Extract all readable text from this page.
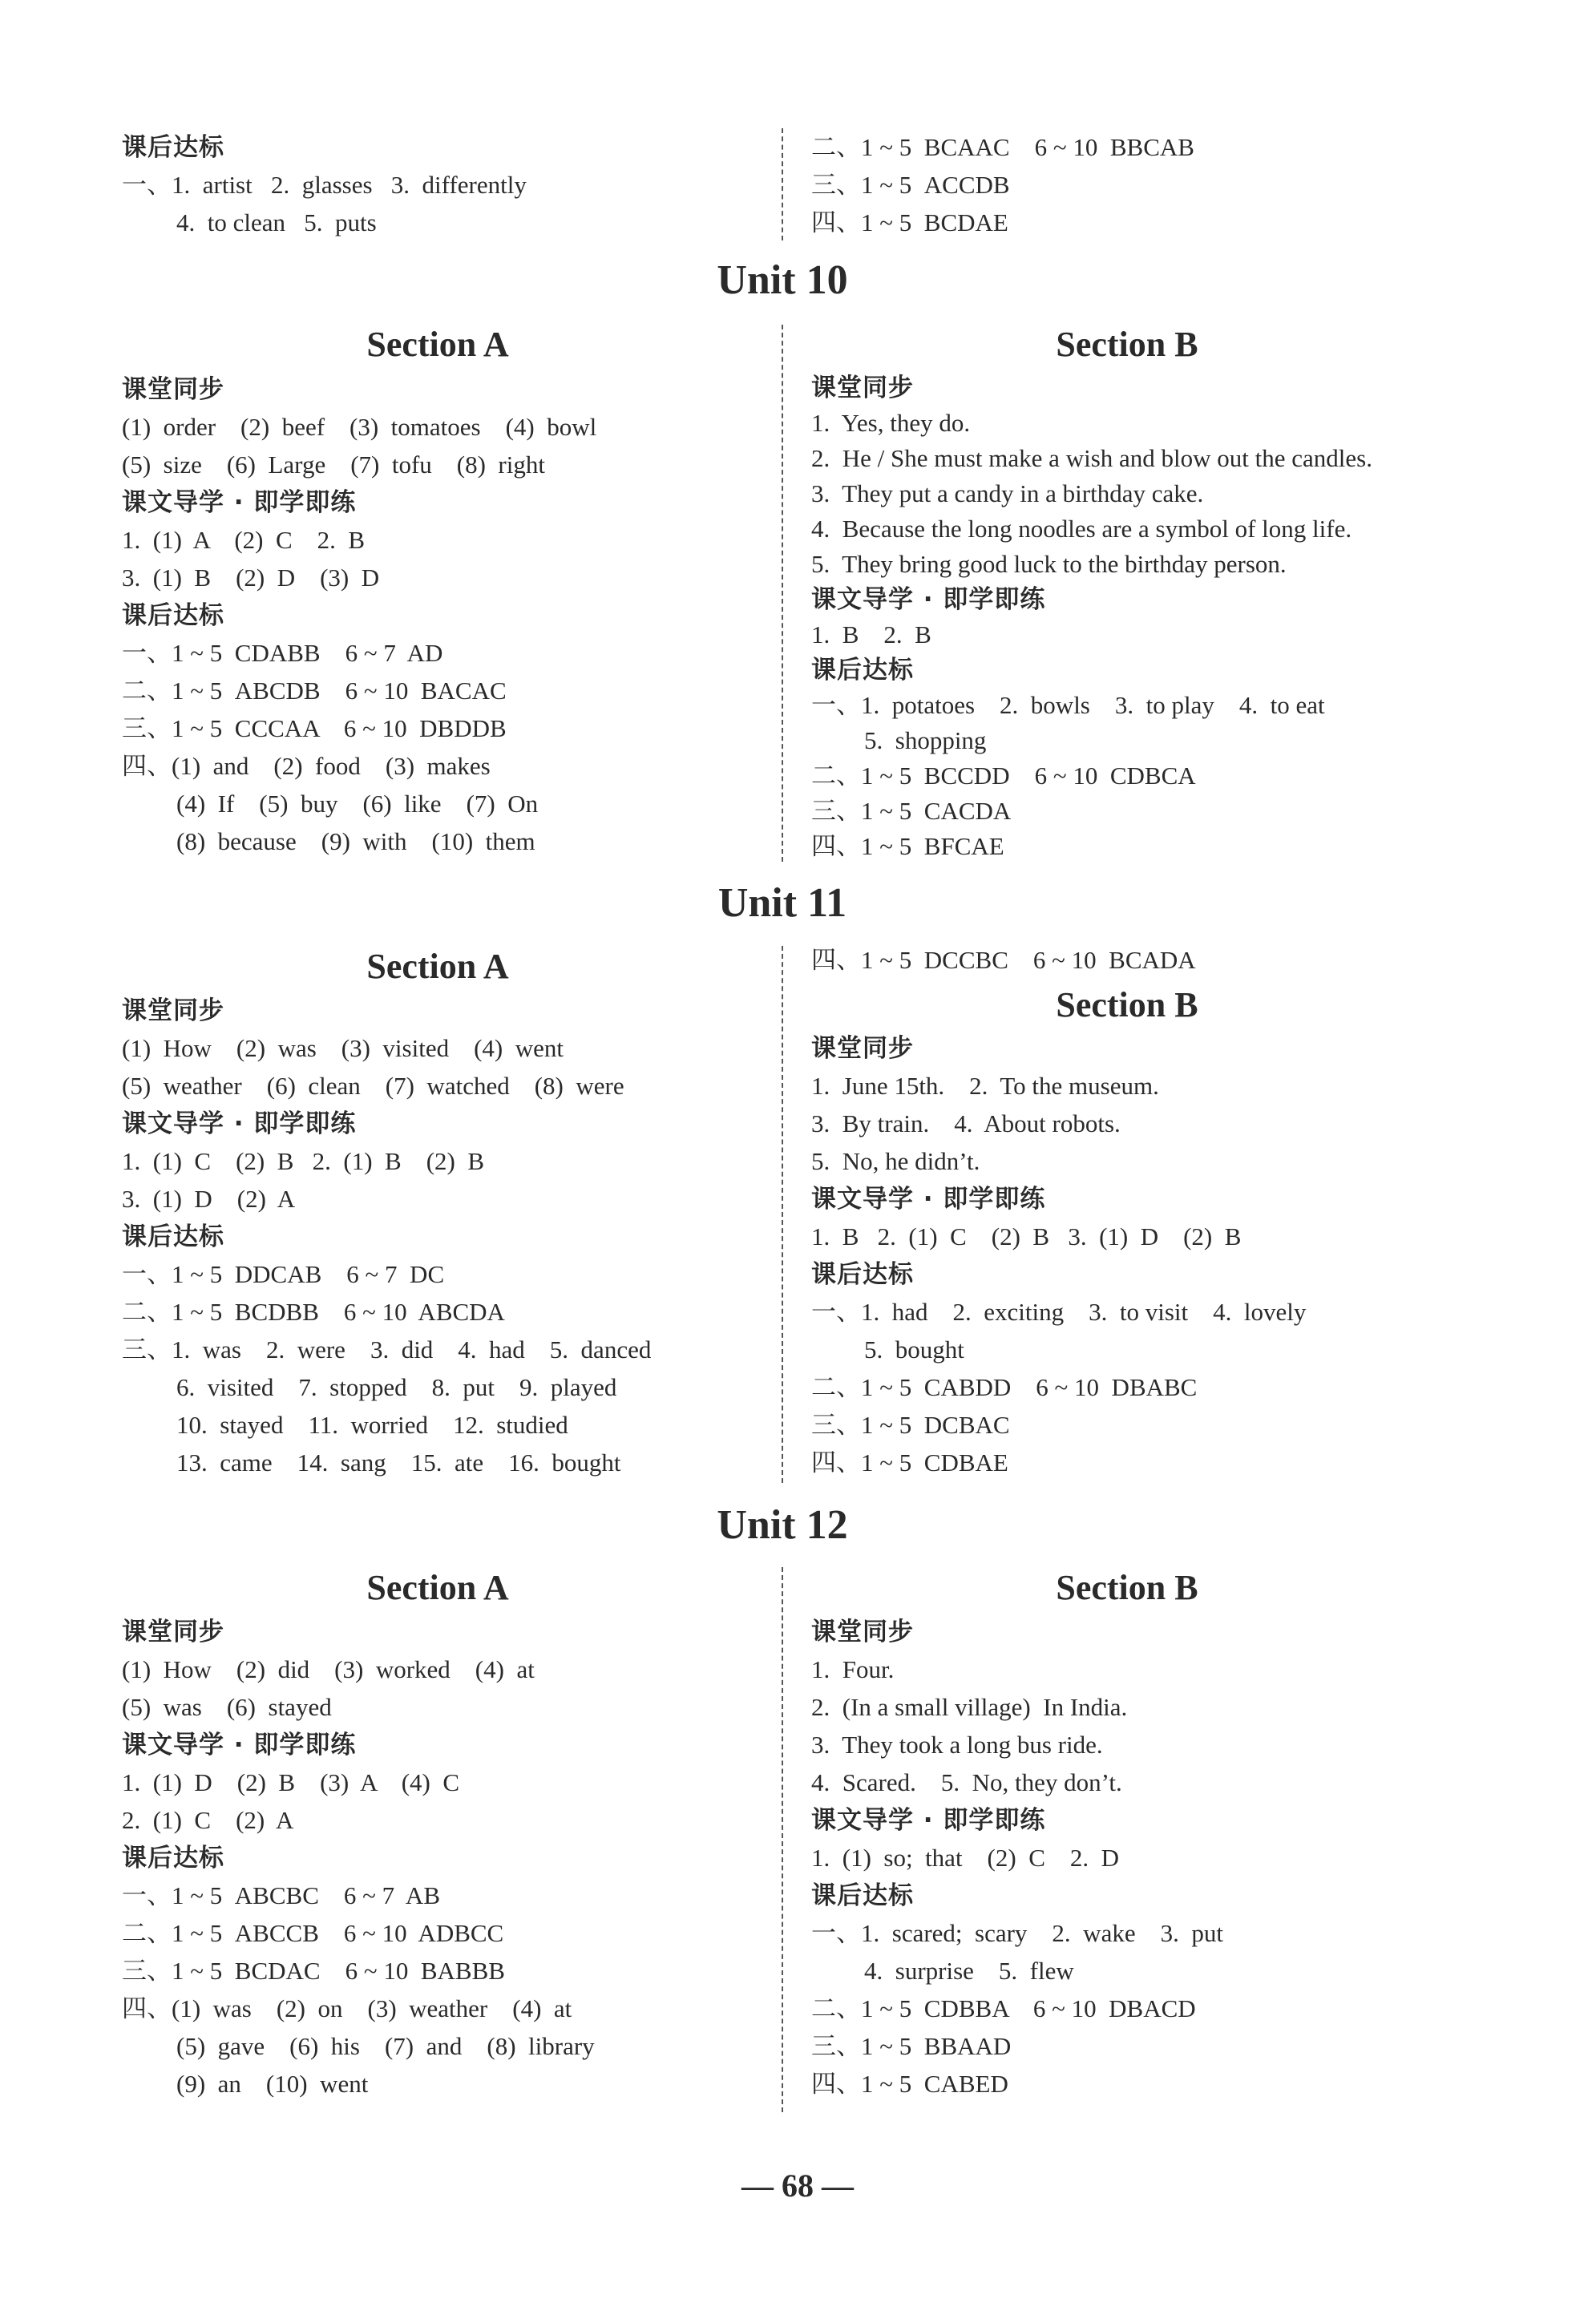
课后达标
一、1.  artist   2.  glasses   3.  differently
4.  to clean   5.  puts
二、1 ~ 5  BCAAC    6 ~ 10  BBCAB
三、1 ~ 5  ACCDB
四、1 ~ 5  BCDAE
Unit 10
Section A
课堂同步
(1)  order    (2)  beef    (3)  tomatoes    (4)  bowl
(5)  size    (6)  Large    (7)  tofu    (8)  right
课文导学 · 即学即练
1.  (1)  A    (2)  C    2.  B
3.  (1)  B    (2)  D    (3)  D
课后达标
一、1 ~ 5  CDABB    6 ~ 7  AD
二、1 ~ 5  ABCDB    6 ~ 10  BACAC
三、1 ~ 5  CCCAA    6 ~ 10  DBDDB
四、(1)  and    (2)  food    (3)  makes
(4)  If    (5)  buy    (6)  like    (7)  On
(8)  because    (9)  with    (10)  them
Section B
课堂同步
1.  Yes, they do.
2.  He / She must make a wish and blow out the candles.
3.  They put a candy in a birthday cake.
4.  Because the long noodles are a symbol of long life.
5.  They bring good luck to the birthday person.
课文导学 · 即学即练
1.  B    2.  B
课后达标
一、1.  potatoes    2.  bowls    3.  to play    4.  to eat
5.  shopping
二、1 ~ 5  BCCDD    6 ~ 10  CDBCA
三、1 ~ 5  CACDA
四、1 ~ 5  BFCAE
Unit 11
Section A
课堂同步
(1)  How    (2)  was    (3)  visited    (4)  went
(5)  weather    (6)  clean    (7)  watched    (8)  were
课文导学 · 即学即练
1.  (1)  C    (2)  B   2.  (1)  B    (2)  B
3.  (1)  D    (2)  A
课后达标
一、1 ~ 5  DDCAB    6 ~ 7  DC
二、1 ~ 5  BCDBB    6 ~ 10  ABCDA
三、1.  was    2.  were    3.  did    4.  had    5.  danced
6.  visited    7.  stopped    8.  put    9.  played
10.  stayed    11.  worried    12.  studied
13.  came    14.  sang    15.  ate    16.  bought
四、1 ~ 5  DCCBC    6 ~ 10  BCADA
Section B
课堂同步
1.  June 15th.    2.  To the museum.
3.  By train.    4.  About robots.
5.  No, he didn’t.
课文导学 · 即学即练
1.  B   2.  (1)  C    (2)  B   3.  (1)  D    (2)  B
课后达标
一、1.  had    2.  exciting    3.  to visit    4.  lovely
5.  bought
二、1 ~ 5  CABDD    6 ~ 10  DBABC
三、1 ~ 5  DCBAC
四、1 ~ 5  CDBAE
Unit 12
Section A
课堂同步
(1)  How    (2)  did    (3)  worked    (4)  at
(5)  was    (6)  stayed
课文导学 · 即学即练
1.  (1)  D    (2)  B    (3)  A    (4)  C
2.  (1)  C    (2)  A
课后达标
一、1 ~ 5  ABCBC    6 ~ 7  AB
二、1 ~ 5  ABCCB    6 ~ 10  ADBCC
三、1 ~ 5  BCDAC    6 ~ 10  BABBB
四、(1)  was    (2)  on    (3)  weather    (4)  at
(5)  gave    (6)  his    (7)  and    (8)  library
(9)  an    (10)  went
Section B
课堂同步
1.  Four.
2.  (In a small village)  In India.
3.  They took a long bus ride.
4.  Scared.    5.  No, they don’t.
课文导学 · 即学即练
1.  (1)  so;  that    (2)  C    2.  D
课后达标
一、1.  scared;  scary    2.  wake    3.  put
4.  surprise    5.  flew
二、1 ~ 5  CDBBA    6 ~ 10  DBACD
三、1 ~ 5  BBAAD
四、1 ~ 5  CABED
— 68 —
